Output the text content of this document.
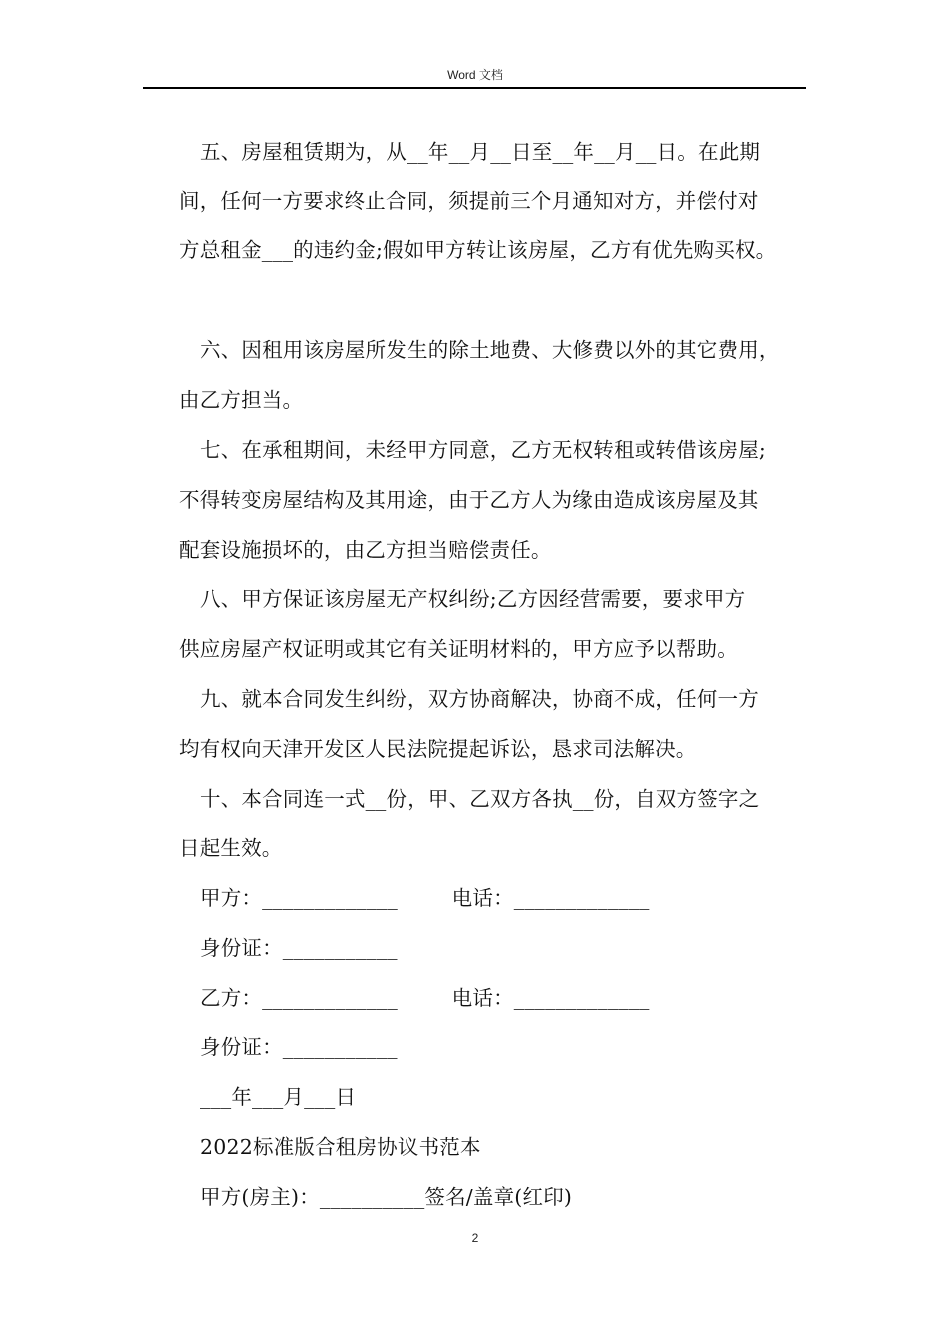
Word 文档
五、房屋租赁期为，从__年__月__日至__年__月__日。在此期
间，任何一方要求终止合同，须提前三个月通知对方，并偿付对
方总租金___的违约金;假如甲方转让该房屋，乙方有优先购买权。
六、因租用该房屋所发生的除土地费、大修费以外的其它费用，
由乙方担当。
七、在承租期间，未经甲方同意，乙方无权转租或转借该房屋;
不得转变房屋结构及其用途，由于乙方人为缘由造成该房屋及其
配套设施损坏的，由乙方担当赔偿责任。
八、甲方保证该房屋无产权纠纷;乙方因经营需要，要求甲方
供应房屋产权证明或其它有关证明材料的，甲方应予以帮助。
九、就本合同发生纠纷，双方协商解决，协商不成，任何一方
均有权向天津开发区人民法院提起诉讼，恳求司法解决。
十、本合同连一式__份，甲、乙双方各执__份，自双方签字之
日起生效。
甲方：_____________        电话：_____________
身份证：___________
乙方：_____________        电话：_____________
身份证：___________
___年___月___日
2022标准版合租房协议书范本
甲方(房主)：__________签名/盖章(红印)
2
